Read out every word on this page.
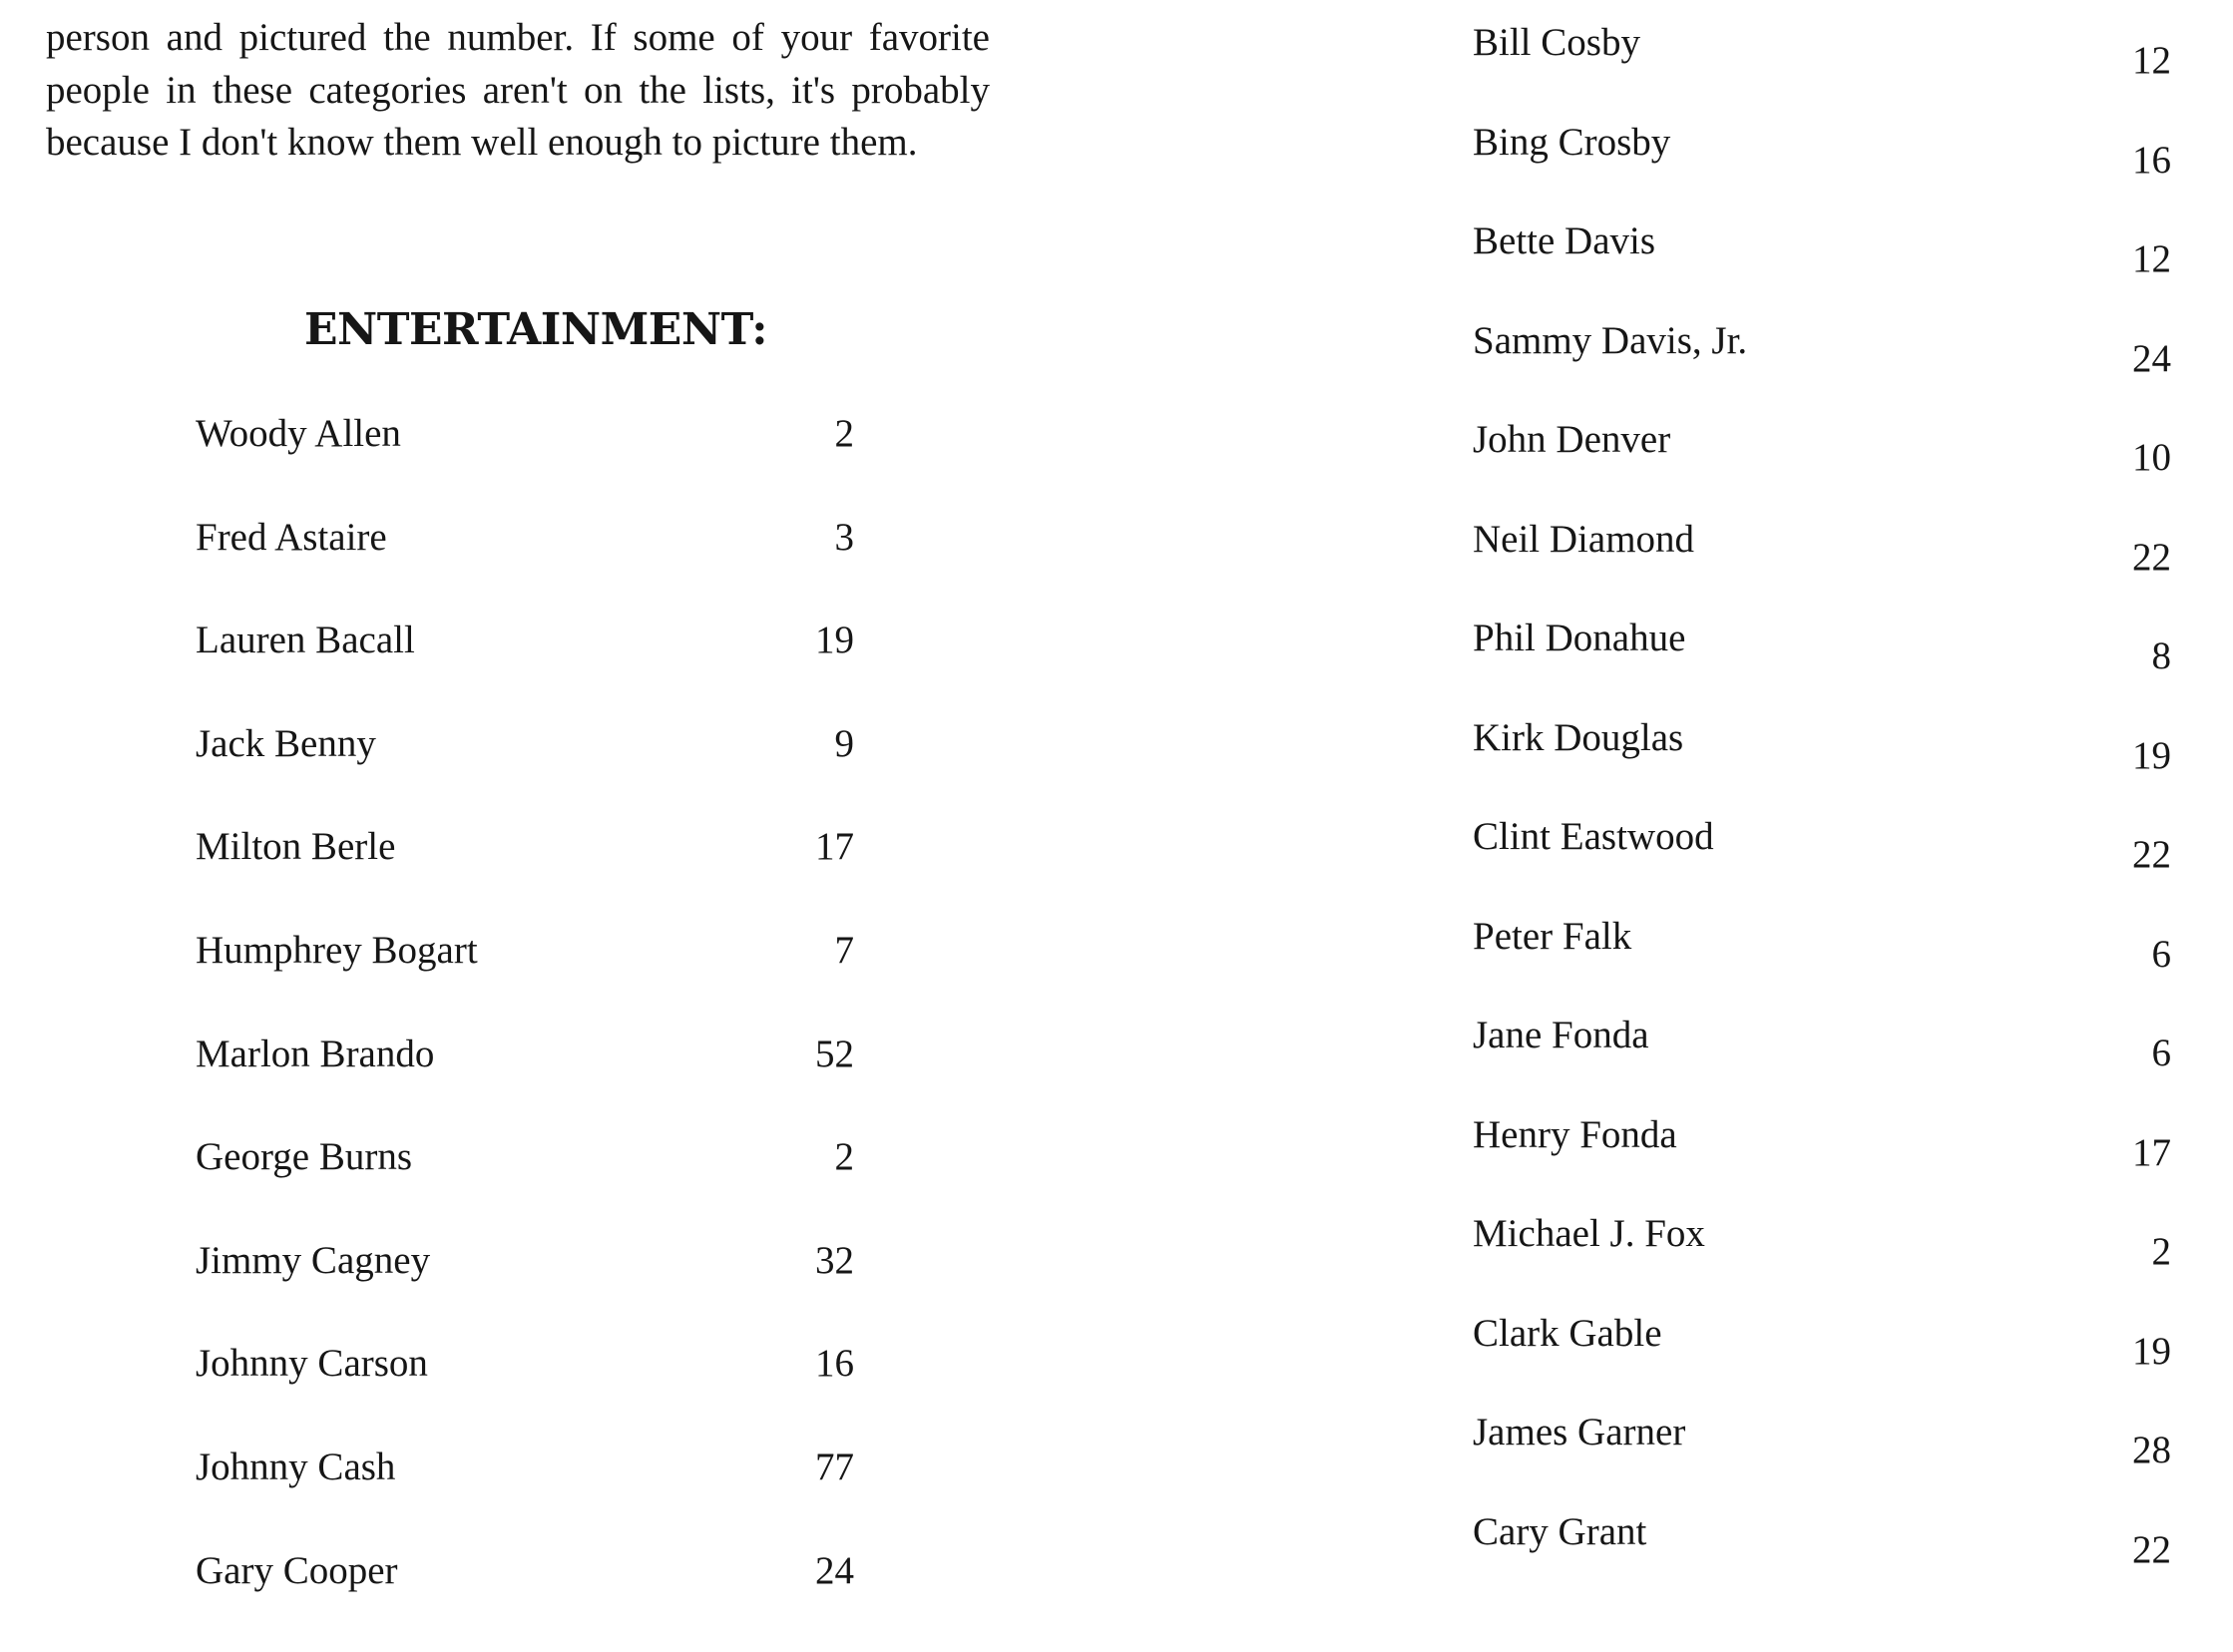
person and pictured the number. If some of your favorite people in these categories aren't on the lists, it's probably because I don't know them well enough to picture them.

ENTERTAINMENT:
Woody Allen	2
Fred Astaire	3
Lauren Bacall	19
Jack Benny	9
Milton Berle	17
Humphrey Bogart	7
Marlon Brando	52
George Burns	2
Jimmy Cagney	32
Johnny Carson	16
Johnny Cash	77
Gary Cooper	24
Bill Cosby	12
Bing Crosby	16
Bette Davis	12
Sammy Davis, Jr.	24
John Denver	10
Neil Diamond	22
Phil Donahue	8
Kirk Douglas	19
Clint Eastwood	22
Peter Falk	6
Jane Fonda	6
Henry Fonda	17
Michael J. Fox	2
Clark Gable	19
James Garner	28
Cary Grant	22
